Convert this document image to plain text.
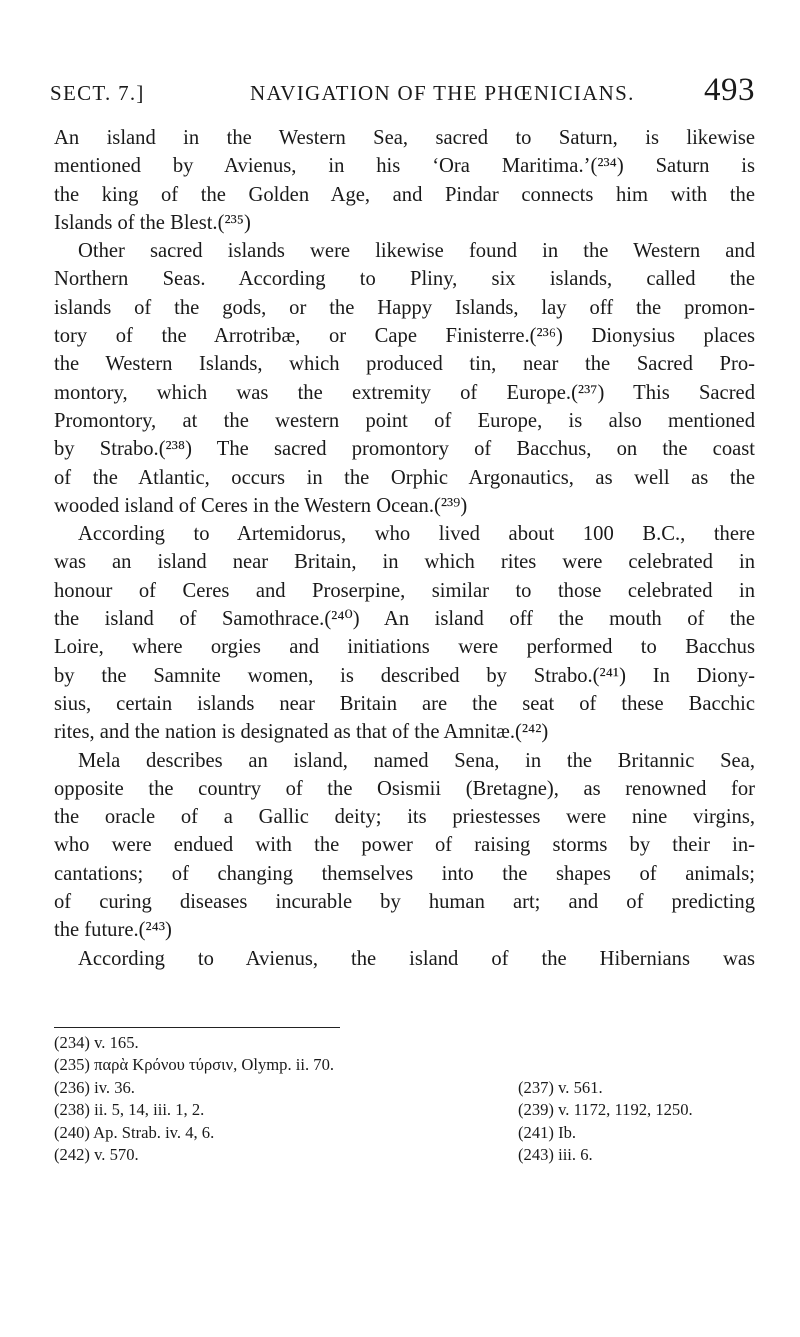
SECT. 7.]	NAVIGATION OF THE PHŒNICIANS. 493
An island in the Western Sea, sacred to Saturn, is likewise
mentioned by Avienus, in his ‘Ora Maritima.’(²³⁴) Saturn is
the king of the Golden Age, and Pindar connects him with the
Islands of the Blest.(²³⁵)
Other sacred islands were likewise found in the Western and
Northern Seas. According to Pliny, six islands, called the
islands of the gods, or the Happy Islands, lay off the promon-
tory of the Arrotribæ, or Cape Finisterre.(²³⁶) Dionysius places
the Western Islands, which produced tin, near the Sacred Pro-
montory, which was the extremity of Europe.(²³⁷) This Sacred
Promontory, at the western point of Europe, is also mentioned
by Strabo.(²³⁸) The sacred promontory of Bacchus, on the coast
of the Atlantic, occurs in the Orphic Argonautics, as well as the
wooded island of Ceres in the Western Ocean.(²³⁹)
According to Artemidorus, who lived about 100 B.C., there
was an island near Britain, in which rites were celebrated in
honour of Ceres and Proserpine, similar to those celebrated in
the island of Samothrace.(²⁴⁰) An island off the mouth of the
Loire, where orgies and initiations were performed to Bacchus
by the Samnite women, is described by Strabo.(²⁴¹) In Diony-
sius, certain islands near Britain are the seat of these Bacchic
rites, and the nation is designated as that of the Amnitæ.(²⁴²)
Mela describes an island, named Sena, in the Britannic Sea,
opposite the country of the Osismii (Bretagne), as renowned for
the oracle of a Gallic deity; its priestesses were nine virgins,
who were endued with the power of raising storms by their in-
cantations; of changing themselves into the shapes of animals;
of curing diseases incurable by human art; and of predicting
the future.(²⁴³)
According to Avienus, the island of the Hibernians was
(234) v. 165.
(235) παρὰ Κρόνου τύρσιν, Olymp. ii. 70.
(236) iv. 36.	(237) v. 561.
(238) ii. 5, 14, iii. 1, 2.	(239) v. 1172, 1192, 1250.
(240) Ap. Strab. iv. 4, 6.	(241) Ib.
(242) v. 570.	(243) iii. 6.
